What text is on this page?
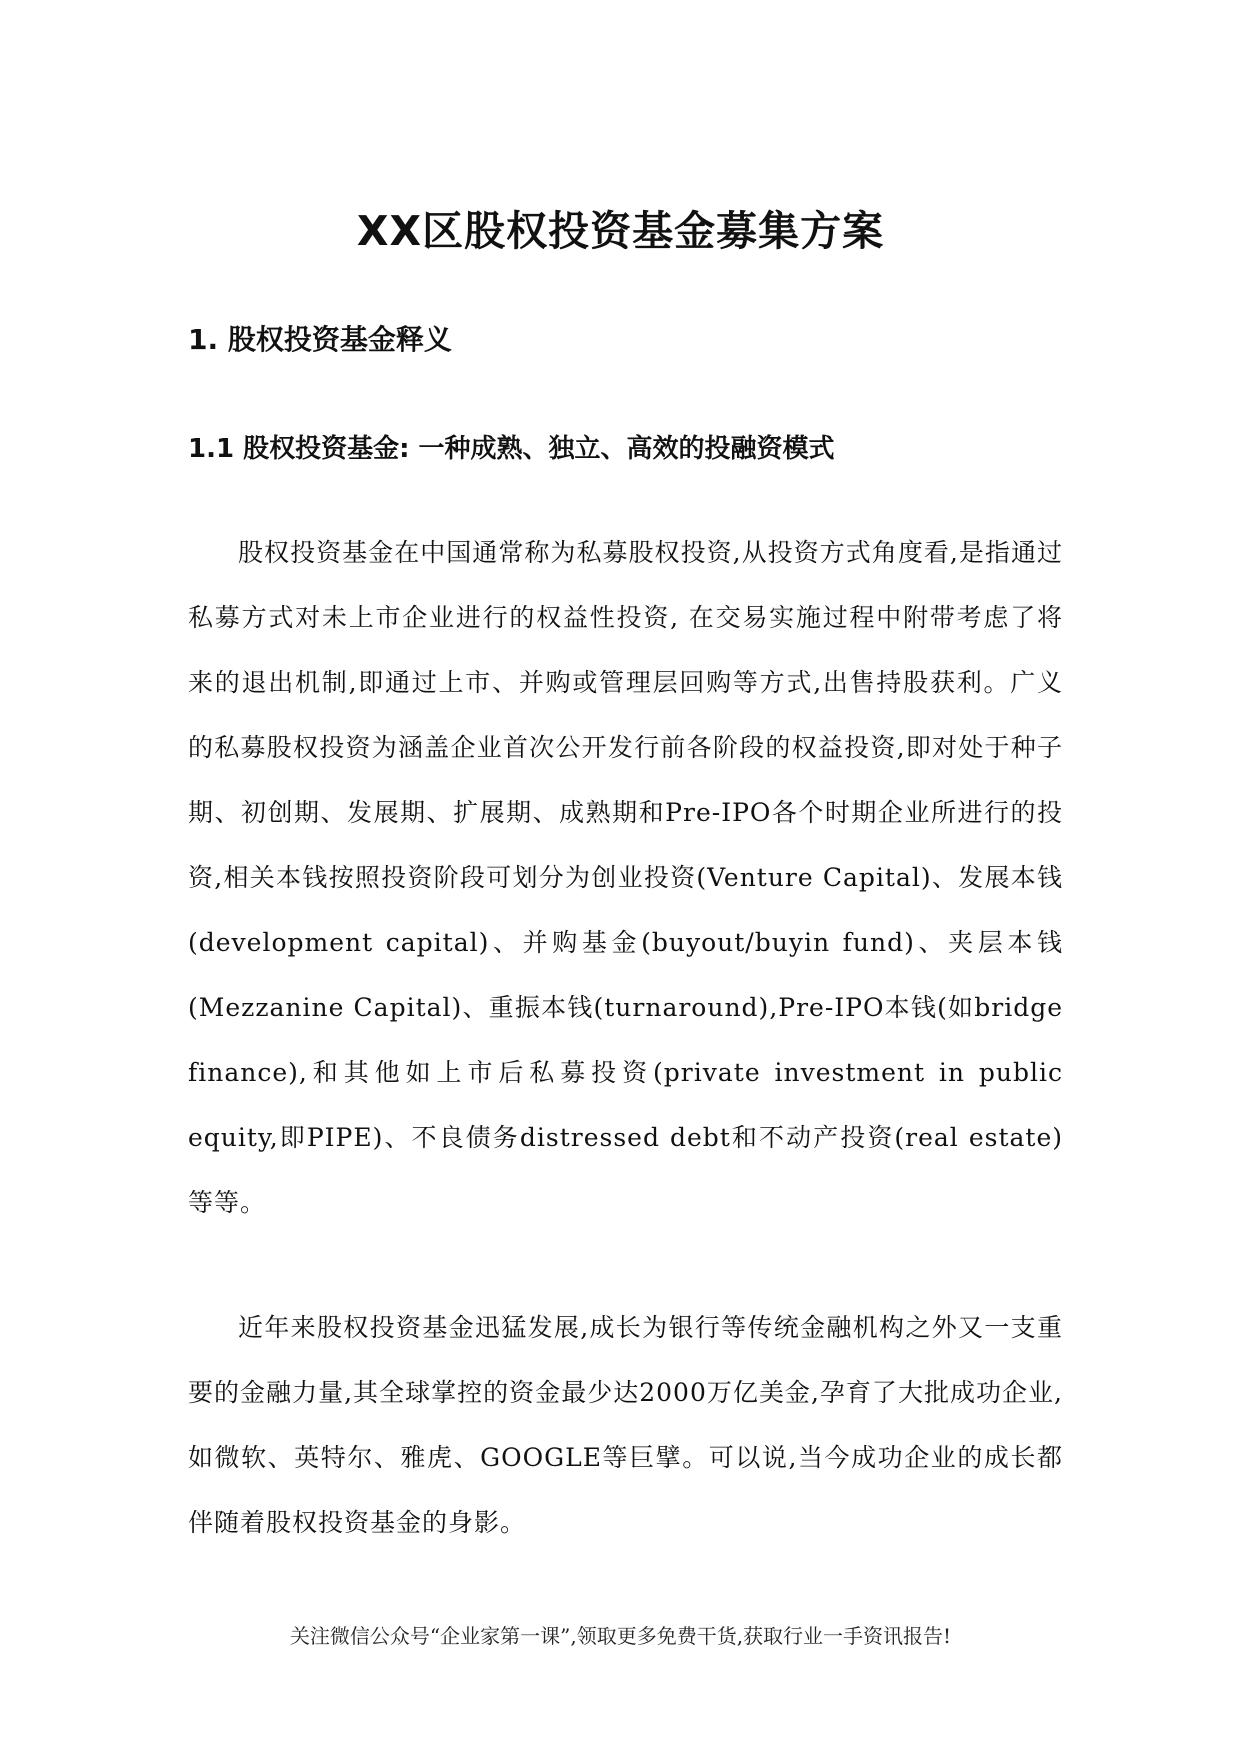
XX区股权投资基金募集方案
1. 股权投资基金释义
1.1 股权投资基金: 一种成熟、独立、高效的投融资模式

股权投资基金在中国通常称为私募股权投资,从投资方式角度看,是指通过私募方式对未上市企业进行的权益性投资, 在交易实施过程中附带考虑了将来的退出机制,即通过上市、并购或管理层回购等方式,出售持股获利。广义的私募股权投资为涵盖企业首次公开发行前各阶段的权益投资,即对处于种子期、初创期、发展期、扩展期、成熟期和Pre-IPO各个时期企业所进行的投资,相关本钱按照投资阶段可划分为创业投资(Venture Capital)、发展本钱(development capital)、并购基金(buyout/buyin fund)、夹层本钱(Mezzanine Capital)、重振本钱(turnaround),Pre-IPO本钱(如bridge finance),和其他如上市后私募投资(private investment in public equity,即PIPE)、不良债务distressed debt和不动产投资(real estate)等等。

近年来股权投资基金迅猛发展,成长为银行等传统金融机构之外又一支重要的金融力量,其全球掌控的资金最少达2000万亿美金,孕育了大批成功企业,如微软、英特尔、雅虎、GOOGLE等巨擘。可以说,当今成功企业的成长都伴随着股权投资基金的身影。

关注微信公众号“企业家第一课”,领取更多免费干货,获取行业一手资讯报告!
